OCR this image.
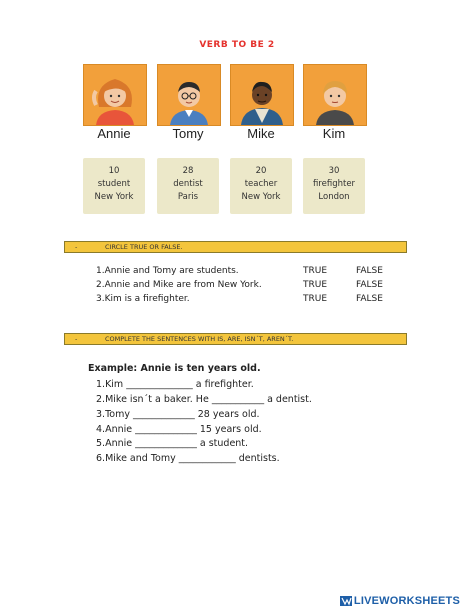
VERB TO BE 2
Annie	Tomy	Mike	Kim
10
student
New York
28
dentist
Paris
20
teacher
New York
30
firefighter
London
-	CIRCLE TRUE OR FALSE.
1.Annie and Tomy are students.	TRUE	FALSE
2.Annie and Mike are from New York.	TRUE	FALSE
3.Kim is a firefighter.	TRUE	FALSE
-	COMPLETE THE SENTENCES WITH IS, ARE, ISN´T, AREN´T.
Example: Annie is ten years old.
1.Kim ______________ a firefighter.
2.Mike isn´t a baker. He ___________ a dentist.
3.Tomy _____________ 28 years old.
4.Annie _____________ 15 years old.
5.Annie _____________ a student.
6.Mike and Tomy ____________ dentists.
LIVEWORKSHEETS
